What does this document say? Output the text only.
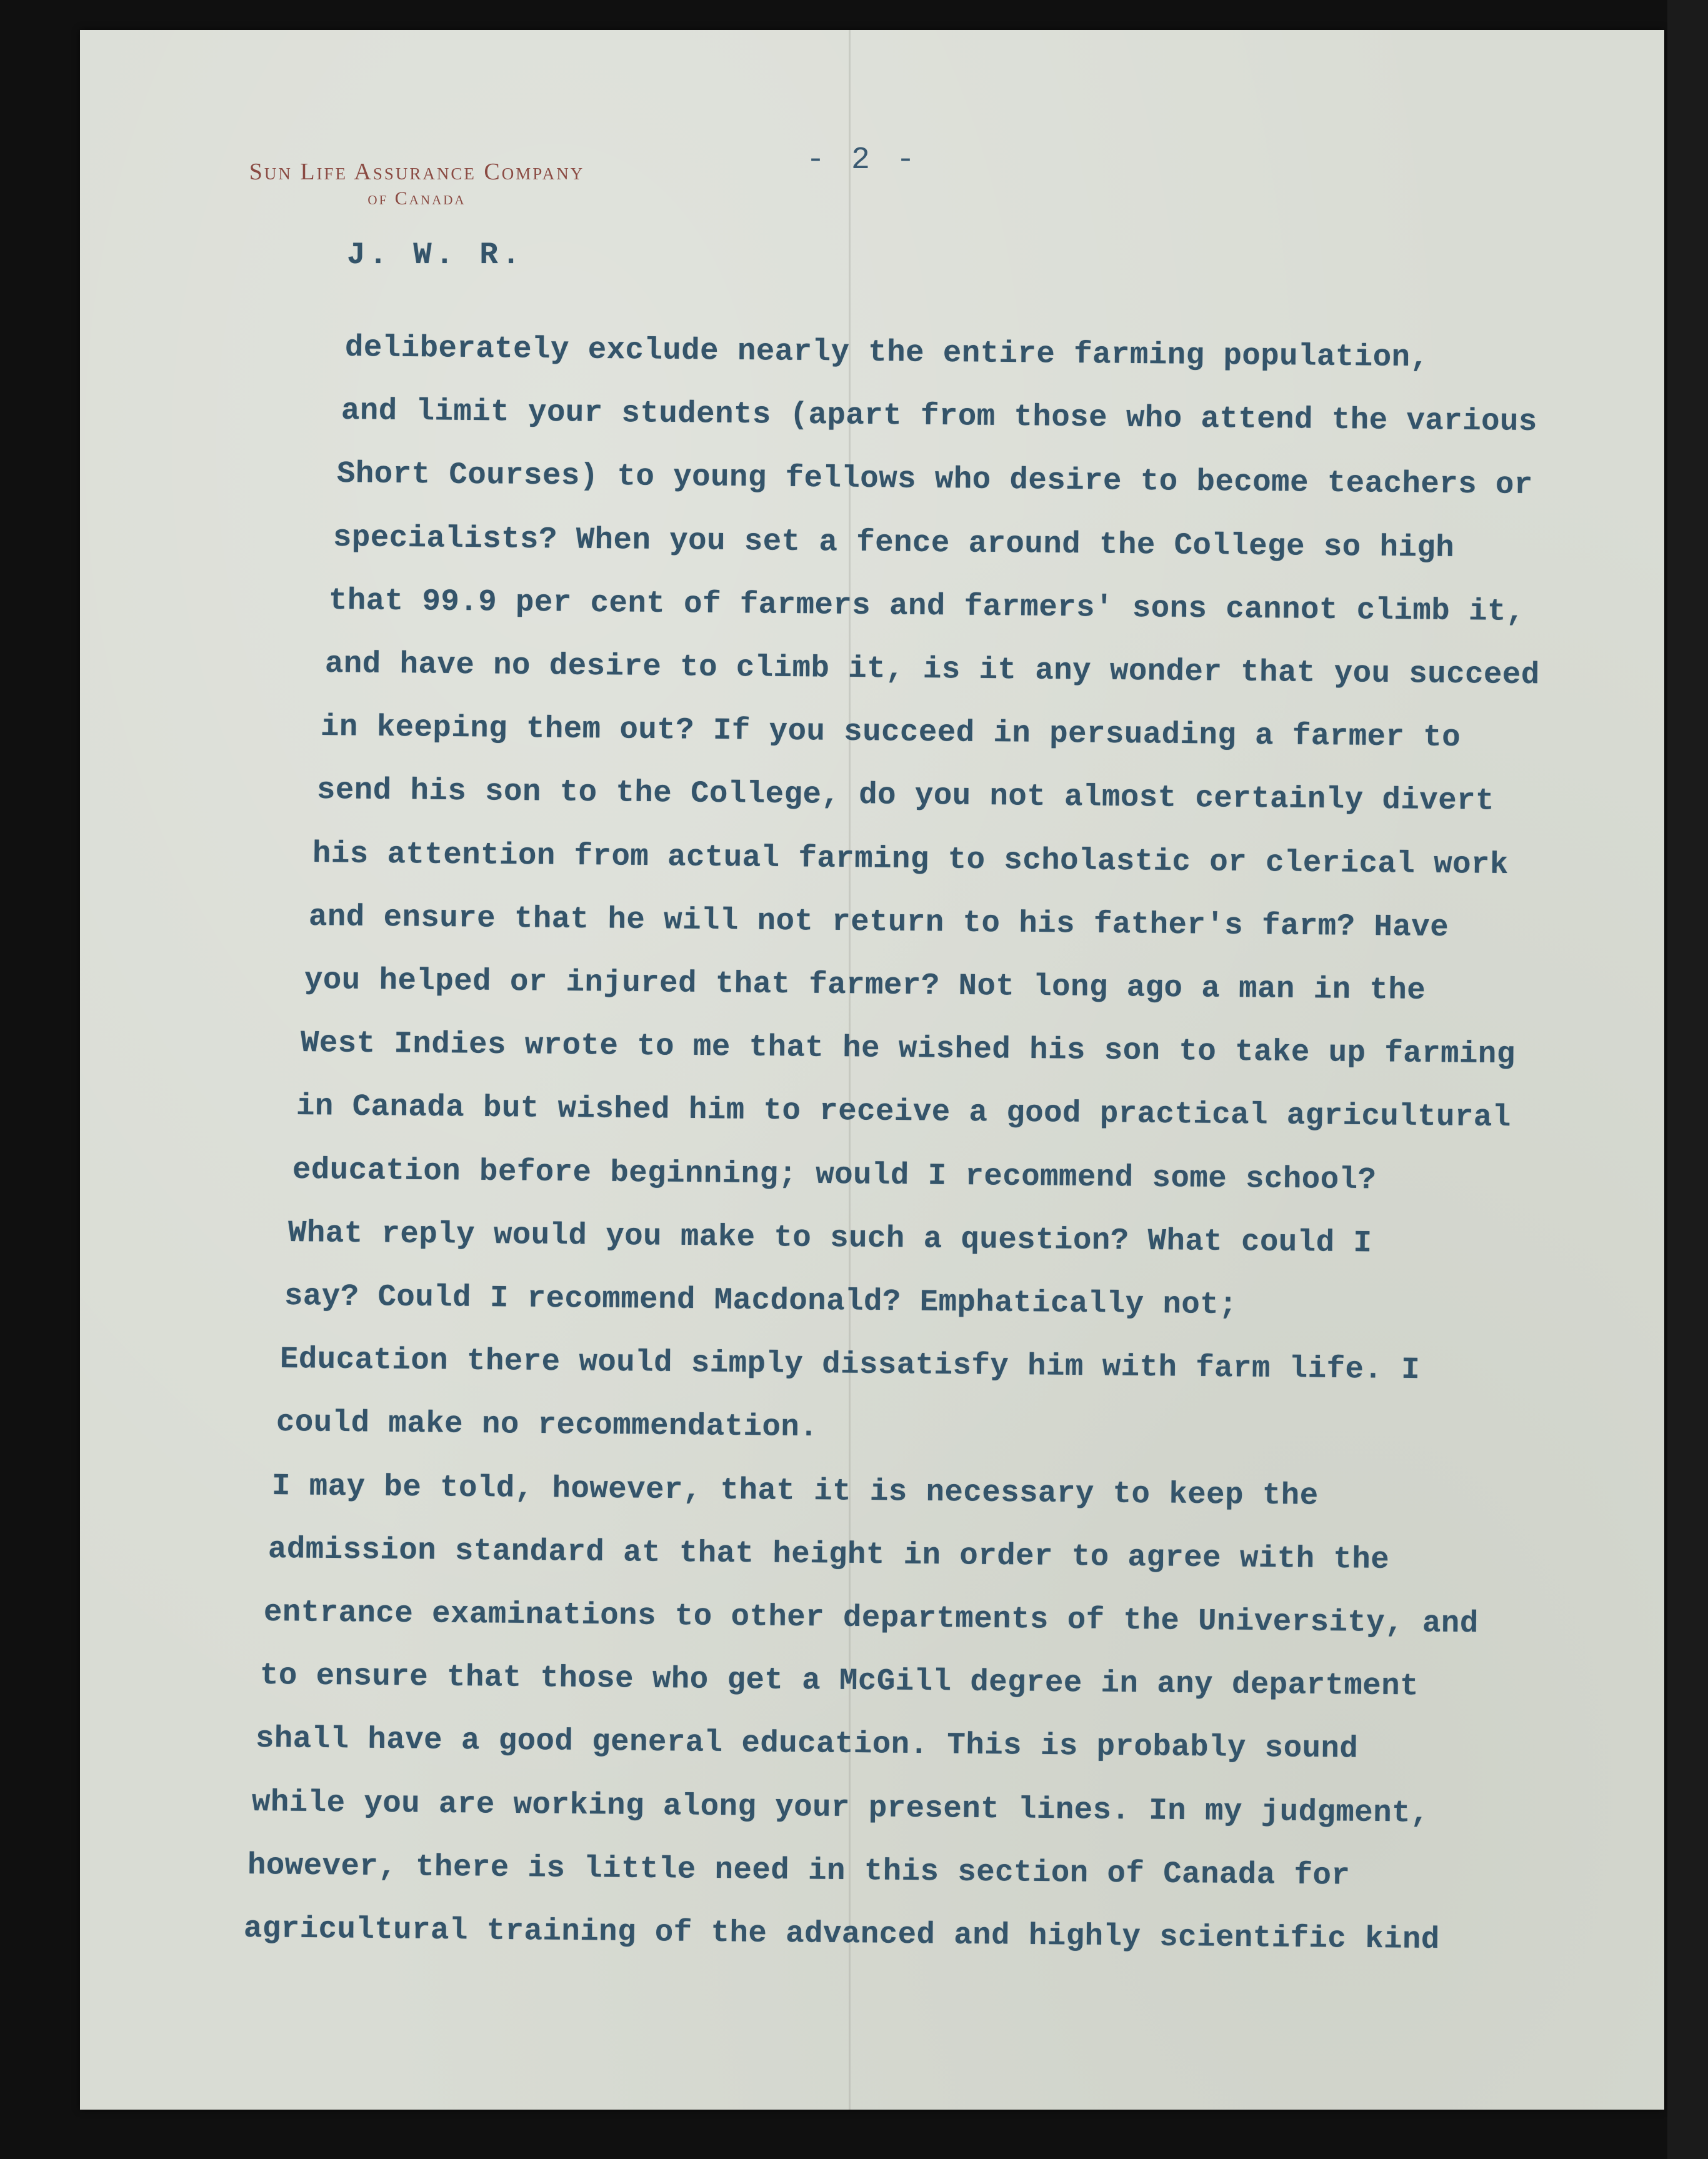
Sun Life Assurance Company
of Canada
- 2 -
J. W. R.
deliberately exclude nearly the entire farming population,
and limit your students (apart from those who attend the various
Short Courses) to young fellows who desire to become teachers or
specialists? When you set a fence around the College so high
that 99.9 per cent of farmers and farmers' sons cannot climb it,
and have no desire to climb it, is it any wonder that you succeed
in keeping them out? If you succeed in persuading a farmer to
send his son to the College, do you not almost certainly divert
his attention from actual farming to scholastic or clerical work
and ensure that he will not return to his father's farm? Have
you helped or injured that farmer? Not long ago a man in the
West Indies wrote to me that he wished his son to take up farming
in Canada but wished him to receive a good practical agricultural
education before beginning; would I recommend some school?
What reply would you make to such a question? What could I
say? Could I recommend Macdonald? Emphatically not;
Education there would simply dissatisfy him with farm life. I
could make no recommendation.
I may be told, however, that it is necessary to keep the
admission standard at that height in order to agree with the
entrance examinations to other departments of the University, and
to ensure that those who get a McGill degree in any department
shall have a good general education. This is probably sound
while you are working along your present lines. In my judgment,
however, there is little need in this section of Canada for
agricultural training of the advanced and highly scientific kind
